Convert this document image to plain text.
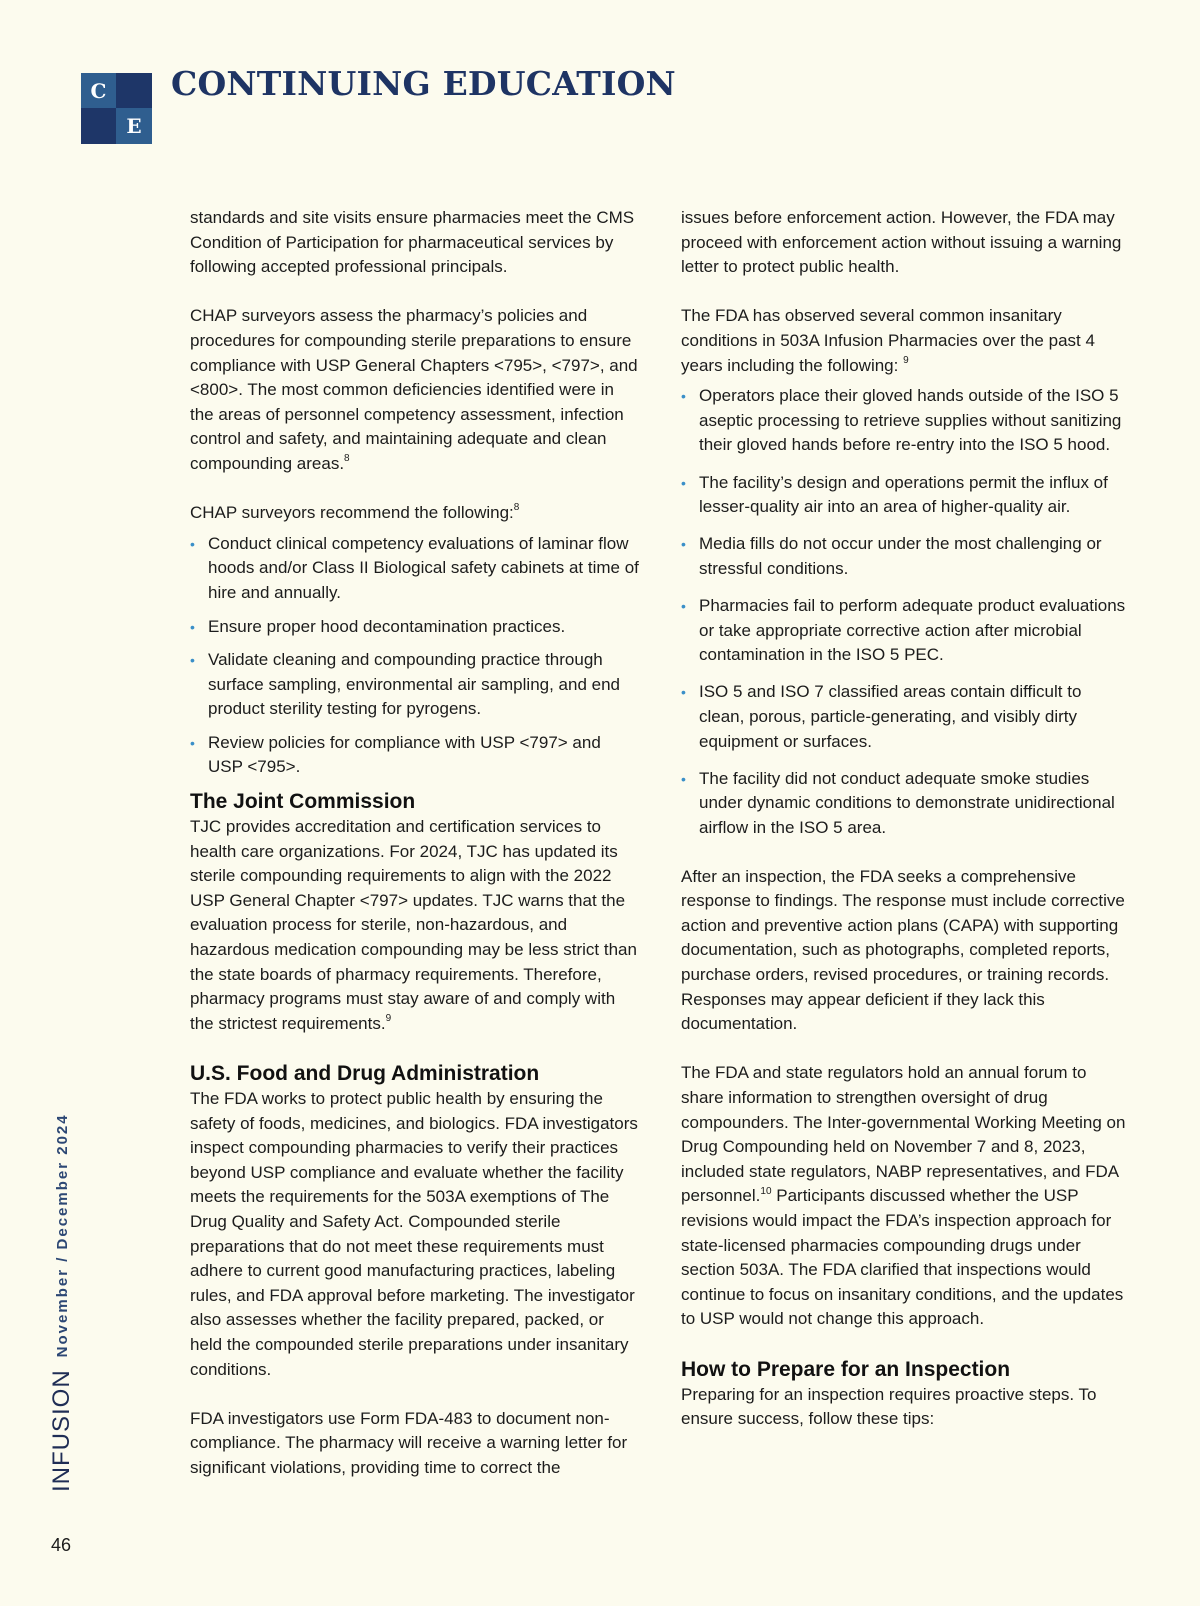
C
E
CONTINUING EDUCATION

standards and site visits ensure pharmacies meet the CMS Condition of Participation for pharmaceutical services by following accepted professional principals.

CHAP surveyors assess the pharmacy’s policies and procedures for compounding sterile preparations to ensure compliance with USP General Chapters <795>, <797>, and <800>. The most common deficiencies identified were in the areas of personnel competency assessment, infection control and safety, and maintaining adequate and clean compounding areas.$^8$

CHAP surveyors recommend the following:$^8$

• Conduct clinical competency evaluations of laminar flow hoods and/or Class II Biological safety cabinets at time of hire and annually.
• Ensure proper hood decontamination practices.
• Validate cleaning and compounding practice through surface sampling, environmental air sampling, and end product sterility testing for pyrogens.
• Review policies for compliance with USP <797> and USP <795>.
The Joint Commission

TJC provides accreditation and certification services to health care organizations. For 2024, TJC has updated its sterile compounding requirements to align with the 2022 USP General Chapter <797> updates. TJC warns that the evaluation process for sterile, non-hazardous, and hazardous medication compounding may be less strict than the state boards of pharmacy requirements. Therefore, pharmacy programs must stay aware of and comply with the strictest requirements.$^9$

U.S. Food and Drug Administration

The FDA works to protect public health by ensuring the safety of foods, medicines, and biologics. FDA investigators inspect compounding pharmacies to verify their practices beyond USP compliance and evaluate whether the facility meets the requirements for the 503A exemptions of The Drug Quality and Safety Act. Compounded sterile preparations that do not meet these requirements must adhere to current good manufacturing practices, labeling rules, and FDA approval before marketing. The investigator also assesses whether the facility prepared, packed, or held the compounded sterile preparations under insanitary conditions.

FDA investigators use Form FDA-483 to document non-compliance. The pharmacy will receive a warning letter for significant violations, providing time to correct the

issues before enforcement action. However, the FDA may proceed with enforcement action without issuing a warning letter to protect public health.

The FDA has observed several common insanitary conditions in 503A Infusion Pharmacies over the past 4 years including the following: $^9$

• Operators place their gloved hands outside of the ISO 5 aseptic processing to retrieve supplies without sanitizing their gloved hands before re-entry into the ISO 5 hood.
• The facility’s design and operations permit the influx of lesser-quality air into an area of higher-quality air.
• Media fills do not occur under the most challenging or stressful conditions.
• Pharmacies fail to perform adequate product evaluations or take appropriate corrective action after microbial contamination in the ISO 5 PEC.
• ISO 5 and ISO 7 classified areas contain difficult to clean, porous, particle-generating, and visibly dirty equipment or surfaces.
• The facility did not conduct adequate smoke studies under dynamic conditions to demonstrate unidirectional airflow in the ISO 5 area.

After an inspection, the FDA seeks a comprehensive response to findings. The response must include corrective action and preventive action plans (CAPA) with supporting documentation, such as photographs, completed reports, purchase orders, revised procedures, or training records. Responses may appear deficient if they lack this documentation.

The FDA and state regulators hold an annual forum to share information to strengthen oversight of drug compounders. The Inter-governmental Working Meeting on Drug Compounding held on November 7 and 8, 2023, included state regulators, NABP representatives, and FDA personnel.$^{10}$ Participants discussed whether the USP revisions would impact the FDA’s inspection approach for state-licensed pharmacies compounding drugs under section 503A. The FDA clarified that inspections would continue to focus on insanitary conditions, and the updates to USP would not change this approach.

How to Prepare for an Inspection

Preparing for an inspection requires proactive steps. To ensure success, follow these tips:

INFUSION
November / December 2024
46
